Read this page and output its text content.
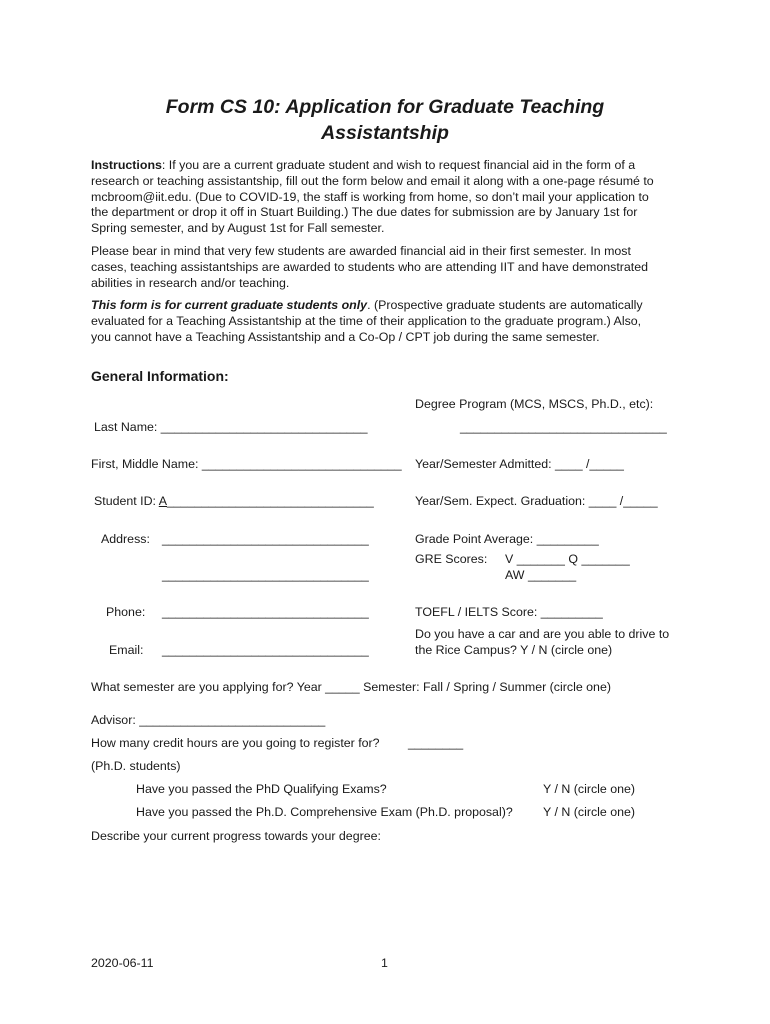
Form CS 10: Application for Graduate Teaching
Assistantship
Instructions: If you are a current graduate student and wish to request financial aid in the form of a
research or teaching assistantship, fill out the form below and email it along with a one-page résumé to
mcbroom@iit.edu. (Due to COVID-19, the staff is working from home, so don’t mail your application to
the department or drop it off in Stuart Building.) The due dates for submission are by January 1st for
Spring semester, and by August 1st for Fall semester.
Please bear in mind that very few students are awarded financial aid in their first semester. In most
cases, teaching assistantships are awarded to students who are attending IIT and have demonstrated
abilities in research and/or teaching.
This form is for current graduate students only. (Prospective graduate students are automatically
evaluated for a Teaching Assistantship at the time of their application to the graduate program.) Also,
you cannot have a Teaching Assistantship and a Co-Op / CPT job during the same semester.
General Information:
Last Name: ______________________________
First, Middle Name: _____________________________
Student ID: A______________________________
Address: ______________________________
______________________________
Phone: ______________________________
Email: ______________________________
Degree Program (MCS, MSCS, Ph.D., etc):
______________________________
Year/Semester Admitted: ____ /_____
Year/Sem. Expect. Graduation: ____ /_____
Grade Point Average: _________
GRE Scores: V _______ Q _______
AW _______
TOEFL / IELTS Score: _________
Do you have a car and are you able to drive to
the Rice Campus? Y / N (circle one)
What semester are you applying for? Year _____ Semester: Fall / Spring / Summer (circle one)
Advisor: ___________________________
How many credit hours are you going to register for? ________
(Ph.D. students)
Have you passed the PhD Qualifying Exams?	Y / N (circle one)
Have you passed the Ph.D. Comprehensive Exam (Ph.D. proposal)? Y / N (circle one)
Describe your current progress towards your degree:
2020-06-11	1
